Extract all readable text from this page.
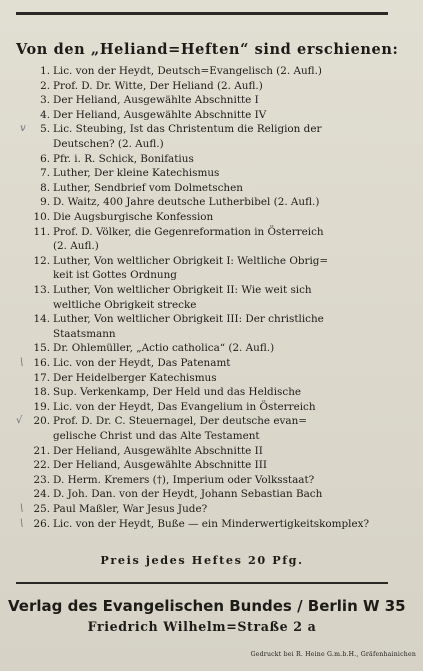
Von den „Heliand=Heften“ sind erschienen:
1. Lic. von der Heydt, Deutsch=Evangelisch (2. Aufl.)
2. Prof. D. Dr. Witte, Der Heliand (2. Aufl.)
3. Der Heliand, Ausgewählte Abschnitte I
4. Der Heliand, Ausgewählte Abschnitte IV
v	5. Lic. Steubing, Ist das Christentum die Religion der
Deutschen? (2. Aufl.)
6. Pfr. i. R. Schick, Bonifatius
7. Luther, Der kleine Katechismus
8. Luther, Sendbrief vom Dolmetschen
9. D. Waitz, 400 Jahre deutsche Lutherbibel (2. Aufl.)
10. Die Augsburgische Konfession
11. Prof. D. Völker, die Gegenreformation in Österreich
(2. Aufl.)
12. Luther, Von weltlicher Obrigkeit I: Weltliche Obrig=
keit ist Gottes Ordnung
13. Luther, Von weltlicher Obrigkeit II: Wie weit sich
weltliche Obrigkeit strecke
14. Luther, Von weltlicher Obrigkeit III: Der christliche
Staatsmann
15. Dr. Ohlemüller, „Actio catholica“ (2. Aufl.)
\ 16. Lic. von der Heydt, Das Patenamt
17. Der Heidelberger Katechismus
18. Sup. Verkenkamp, Der Held und das Heldische
19. Lic. von der Heydt, Das Evangelium in Österreich
√	20. Prof. D. Dr. C. Steuernagel, Der deutsche evan=
gelische Christ und das Alte Testament
21. Der Heliand, Ausgewählte Abschnitte II
22. Der Heliand, Ausgewählte Abschnitte III
23. D. Herm. Kremers (†), Imperium oder Volksstaat?
24. D. Joh. Dan. von der Heydt, Johann Sebastian Bach
\ 25. Paul Maßler, War Jesus Jude?
\ 26. Lic. von der Heydt, Buße — ein Minderwertigkeitskomplex?
Preis jedes Heftes 20 Pfg.
Verlag des Evangelischen Bundes / Berlin W 35
Friedrich Wilhelm=Straße 2 a
Gedruckt bei R. Heine G.m.b.H., Gräfenhainichen
